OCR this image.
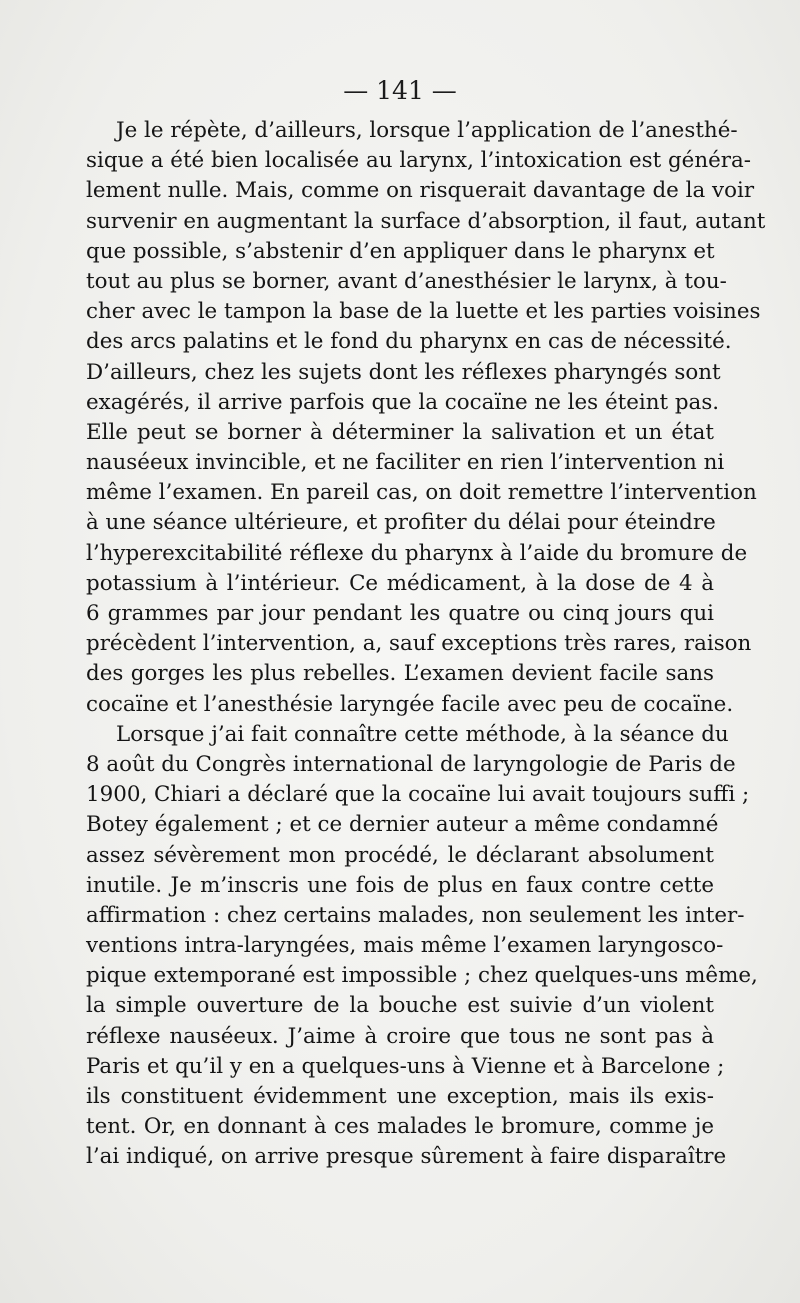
— 141 —
Je le répète, d’ailleurs, lorsque l’application de l’anesthé-
sique a été bien localisée au larynx, l’intoxication est généra-
lement nulle. Mais, comme on risquerait davantage de la voir
survenir en augmentant la surface d’absorption, il faut, autant
que possible, s’abstenir d’en appliquer dans le pharynx et
tout au plus se borner, avant d’anesthésier le larynx, à tou-
cher avec le tampon la base de la luette et les parties voisines
des arcs palatins et le fond du pharynx en cas de nécessité.
D’ailleurs, chez les sujets dont les réflexes pharyngés sont
exagérés, il arrive parfois que la cocaïne ne les éteint pas.
Elle peut se borner à déterminer la salivation et un état
nauséeux invincible, et ne faciliter en rien l’intervention ni
même l’examen. En pareil cas, on doit remettre l’intervention
à une séance ultérieure, et profiter du délai pour éteindre
l’hyperexcitabilité réflexe du pharynx à l’aide du bromure de
potassium à l’intérieur. Ce médicament, à la dose de 4 à
6 grammes par jour pendant les quatre ou cinq jours qui
précèdent l’intervention, a, sauf exceptions très rares, raison
des gorges les plus rebelles. L’examen devient facile sans
cocaïne et l’anesthésie laryngée facile avec peu de cocaïne.
Lorsque j’ai fait connaître cette méthode, à la séance du
8 août du Congrès international de laryngologie de Paris de
1900, Chiari a déclaré que la cocaïne lui avait toujours suffi ;
Botey également ; et ce dernier auteur a même condamné
assez sévèrement mon procédé, le déclarant absolument
inutile. Je m’inscris une fois de plus en faux contre cette
affirmation : chez certains malades, non seulement les inter-
ventions intra-laryngées, mais même l’examen laryngosco-
pique extemporané est impossible ; chez quelques-uns même,
la simple ouverture de la bouche est suivie d’un violent
réflexe nauséeux. J’aime à croire que tous ne sont pas à
Paris et qu’il y en a quelques-uns à Vienne et à Barcelone ;
ils constituent évidemment une exception, mais ils exis-
tent. Or, en donnant à ces malades le bromure, comme je
l’ai indiqué, on arrive presque sûrement à faire disparaître
